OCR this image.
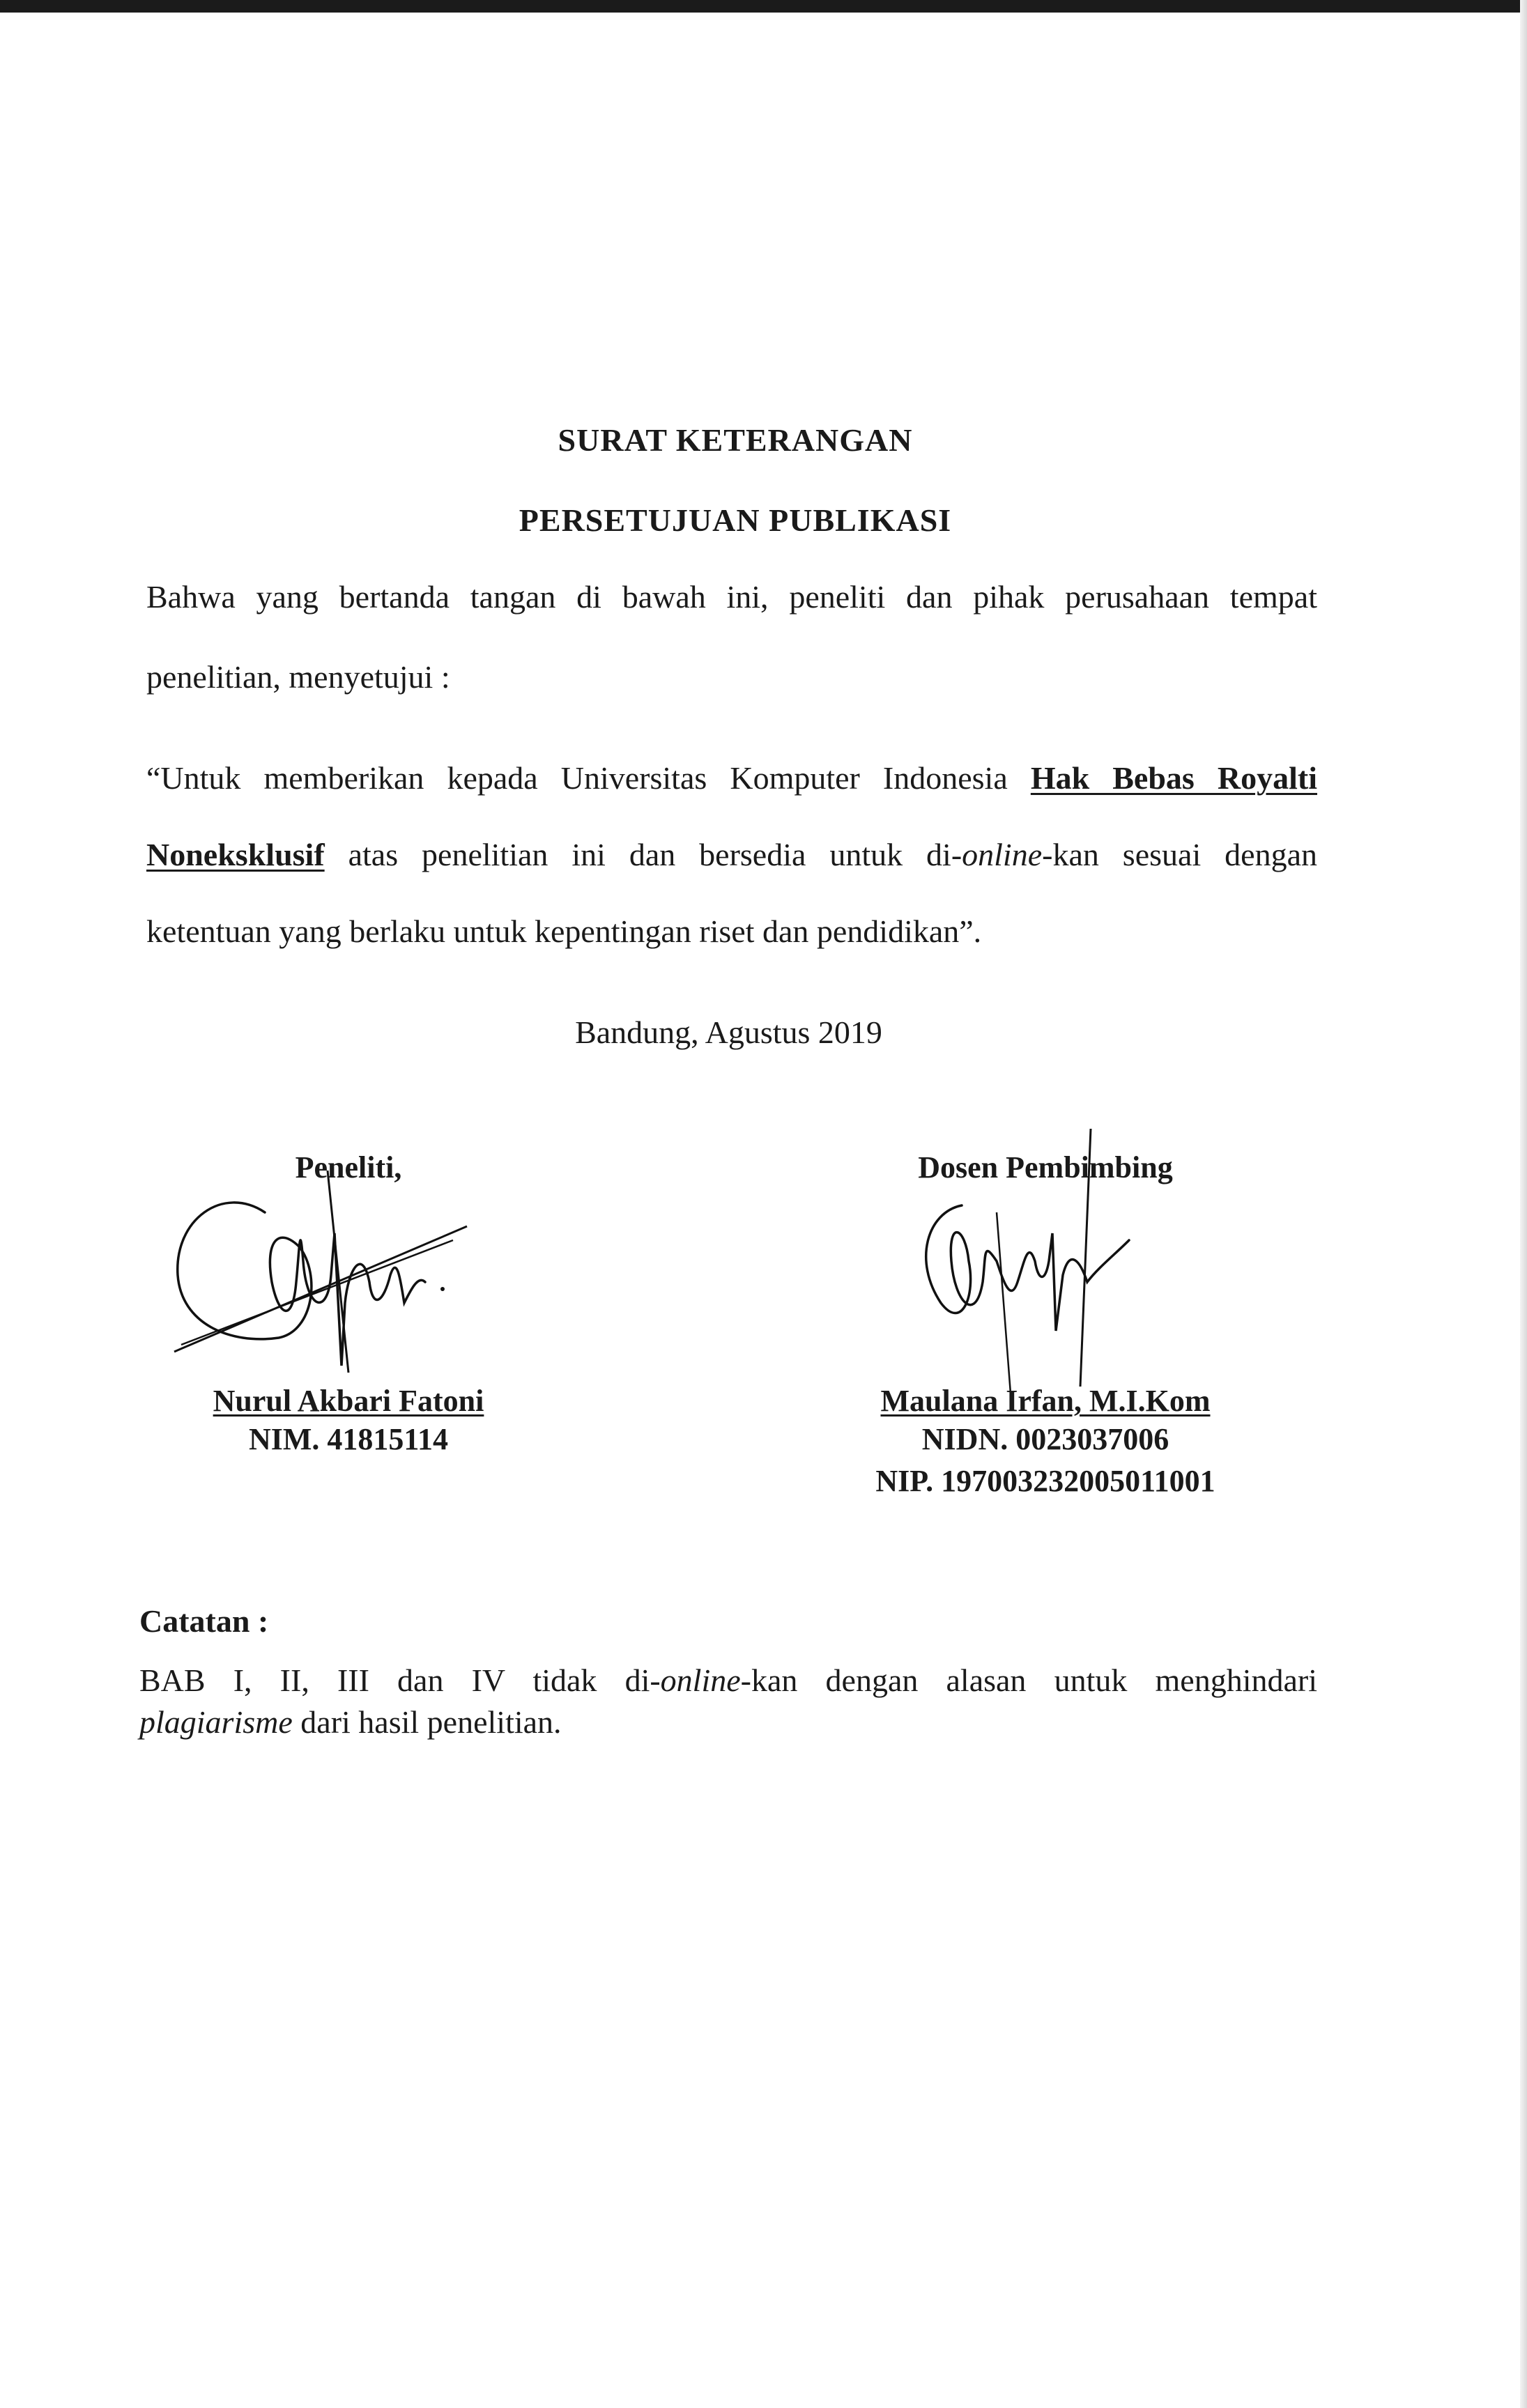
SURAT KETERANGAN
PERSETUJUAN PUBLIKASI
Bahwa yang bertanda tangan di bawah ini, peneliti dan pihak perusahaan tempat
penelitian, menyetujui :
“Untuk memberikan kepada Universitas Komputer Indonesia Hak Bebas Royalti
Noneksklusif atas penelitian ini dan bersedia untuk di-online-kan sesuai dengan
ketentuan yang berlaku untuk kepentingan riset dan pendidikan”.
Bandung, Agustus 2019
Peneliti,
Nurul Akbari Fatoni
NIM. 41815114
Dosen Pembimbing
Maulana Irfan, M.I.Kom
NIDN. 0023037006
NIP. 197003232005011001
Catatan :
BAB I, II, III dan IV tidak di-online-kan dengan alasan untuk menghindari
plagiarisme dari hasil penelitian.
